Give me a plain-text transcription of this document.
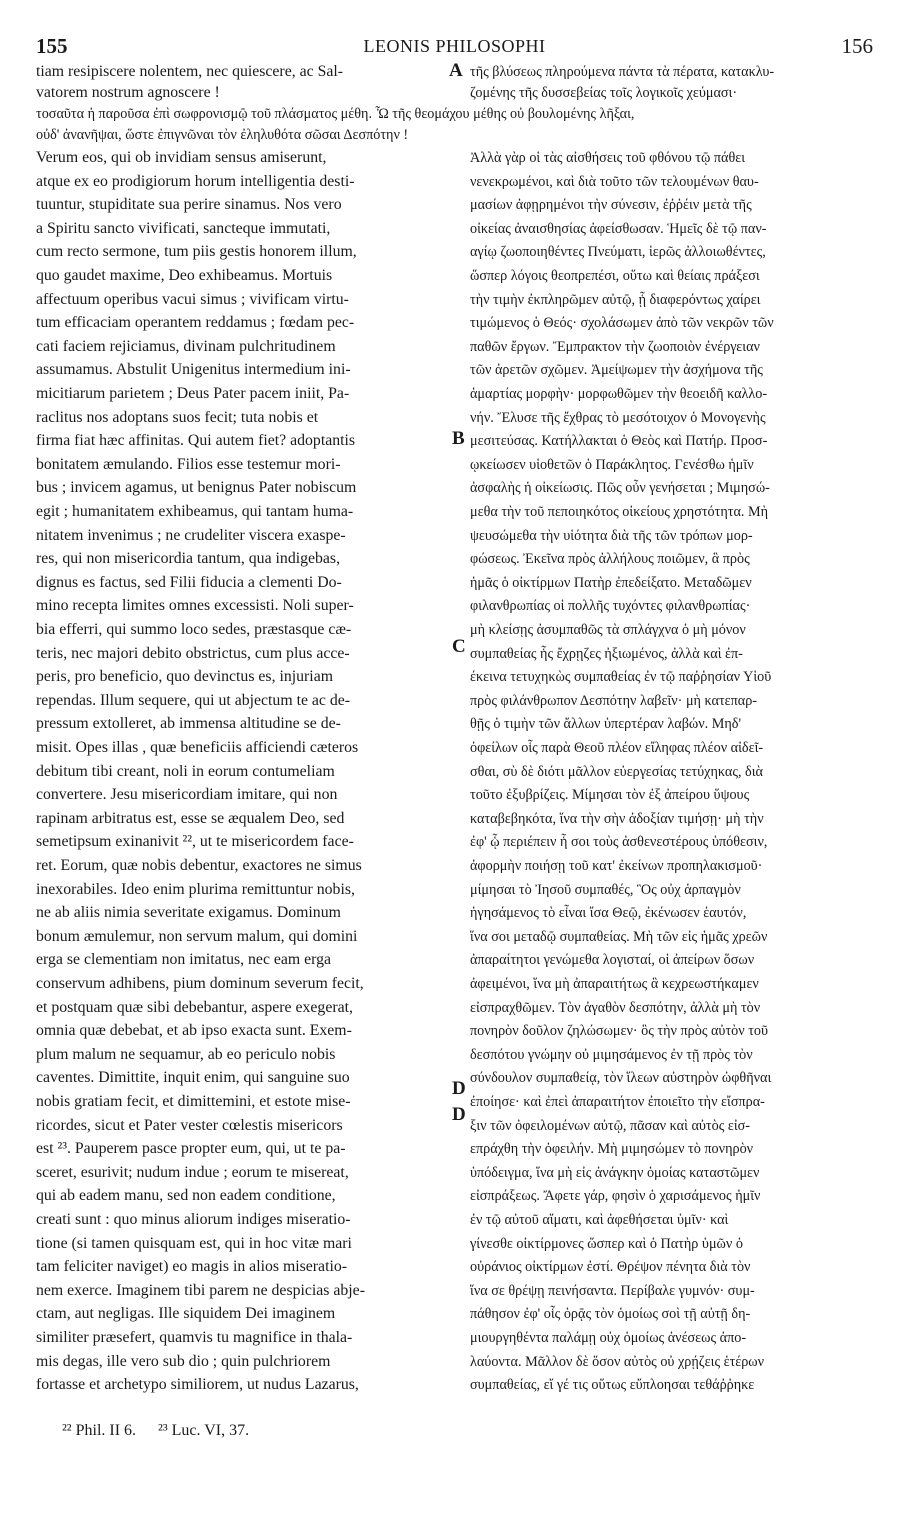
155	LEONIS PHILOSOPHI	156
tiam resipiscere nolentem, nec quiescere, ac Sal-
vatorem nostrum agnoscere !
τῆς βλύσεως πληρούμενα πάντα τὰ πέρατα, κατακλυ-
ζομένης τῆς δυσσεβείας τοῖς λογικοῖς χεύμασι·
τοσαῦτα ἡ παροῦσα ἐπὶ σωφρονισμῷ τοῦ πλάσματος μέθη. Ὦ τῆς θεομάχου μέθης οὐ βουλομένης λῆξαι,
οὐδ' ἀνανῆψαι, ὥστε ἐπιγνῶναι τὸν ἐληλυθότα σῶσαι Δεσπότην !
A
B
C
D
D
Verum eos, qui ob invidiam sensus amiserunt,
atque ex eo prodigiorum horum intelligentia desti-
tuuntur, stupiditate sua perire sinamus. Nos vero
a Spiritu sancto vivificati, sancteque immutati,
cum recto sermone, tum piis gestis honorem illum,
quo gaudet maxime, Deo exhibeamus. Mortuis
affectuum operibus vacui simus ; vivificam virtu-
tum efficaciam operantem reddamus ; fœdam pec-
cati faciem rejiciamus, divinam pulchritudinem
assumamus. Abstulit Unigenitus intermedium ini-
micitiarum parietem ; Deus Pater pacem iniit, Pa-
raclitus nos adoptans suos fecit; tuta nobis et
firma fiat hæc affinitas. Qui autem fiet? adoptantis
bonitatem æmulando. Filios esse testemur mori-
bus ; invicem agamus, ut benignus Pater nobiscum
egit ; humanitatem exhibeamus, qui tantam huma-
nitatem invenimus ; ne crudeliter viscera exaspe-
res, qui non misericordia tantum, qua indigebas,
dignus es factus, sed Filii fiducia a clementi Do-
mino recepta limites omnes excessisti. Noli super-
bia efferri, qui summo loco sedes, præstasque cæ-
teris, nec majori debito obstrictus, cum plus acce-
peris, pro beneficio, quo devinctus es, injuriam
rependas. Illum sequere, qui ut abjectum te ac de-
pressum extolleret, ab immensa altitudine se de-
misit. Opes illas , quæ beneficiis afficiendi cæteros
debitum tibi creant, noli in eorum contumeliam
convertere. Jesu misericordiam imitare, qui non
rapinam arbitratus est, esse se æqualem Deo, sed
semetipsum exinanivit ²², ut te misericordem face-
ret. Eorum, quæ nobis debentur, exactores ne simus
inexorabiles. Ideo enim plurima remittuntur nobis,
ne ab aliis nimia severitate exigamus. Dominum
bonum æmulemur, non servum malum, qui domini
erga se clementiam non imitatus, nec eam erga
conservum adhibens, pium dominum severum fecit,
et postquam quæ sibi debebantur, aspere exegerat,
omnia quæ debebat, et ab ipso exacta sunt. Exem-
plum malum ne sequamur, ab eo periculo nobis
caventes. Dimittite, inquit enim, qui sanguine suo
nobis gratiam fecit, et dimittemini, et estote mise-
ricordes, sicut et Pater vester cœlestis misericors
est ²³. Pauperem pasce propter eum, qui, ut te pa-
sceret, esurivit; nudum indue ; eorum te misereat,
qui ab eadem manu, sed non eadem conditione,
creati sunt : quo minus aliorum indiges miseratio-
tione (si tamen quisquam est, qui in hoc vitæ mari
tam feliciter naviget) eo magis in alios miseratio-
nem exerce. Imaginem tibi parem ne despicias abje-
ctam, aut negligas. Ille siquidem Dei imaginem
similiter præsefert, quamvis tu magnifice in thala-
mis degas, ille vero sub dio ; quin pulchriorem
fortasse et archetypo similiorem, ut nudus Lazarus,
Ἀλλὰ γὰρ οἱ τὰς αἰσθήσεις τοῦ φθόνου τῷ πάθει
νενεκρωμένοι, καὶ διὰ τοῦτο τῶν τελουμένων θαυ-
μασίων ἀφῃρημένοι τὴν σύνεσιν, ἐῤῥέιν μετὰ τῆς
οἰκείας ἀναισθησίας ἀφείσθωσαν. Ἡμεῖς δὲ τῷ παν-
αγίῳ ζωοποιηθέντες Πνεύματι, ἱερῶς ἀλλοιωθέντες,
ὥσπερ λόγοις θεοπρεπέσι, οὕτω καὶ θείαις πράξεσι
τὴν τιμὴν ἐκπληρῶμεν αὐτῷ, ᾗ διαφερόντως χαίρει
τιμώμενος ὁ Θεός· σχολάσωμεν ἀπὸ τῶν νεκρῶν τῶν
παθῶν ἔργων. Ἔμπρακτον τὴν ζωοποιὸν ἐνέργειαν
τῶν ἀρετῶν σχῶμεν. Ἀμείψωμεν τὴν ἀσχήμονα τῆς
ἁμαρτίας μορφὴν· μορφωθῶμεν τὴν θεοειδῆ καλλο-
νήν. Ἔλυσε τῆς ἔχθρας τὸ μεσότοιχον ὁ Μονογενὴς
μεσιτεύσας. Κατήλλακται ὁ Θεὸς καὶ Πατήρ. Προσ-
ῳκείωσεν υἱοθετῶν ὁ Παράκλητος. Γενέσθω ἡμῖν
ἀσφαλὴς ἡ οἰκείωσις. Πῶς οὖν γενήσεται ; Μιμησώ-
μεθα τὴν τοῦ πεποιηκότος οἰκείους χρηστότητα. Μὴ
ψευσώμεθα τὴν υἱότητα διὰ τῆς τῶν τρόπων μορ-
φώσεως. Ἐκεῖνα πρὸς ἀλλήλους ποιῶμεν, ἃ πρὸς
ἡμᾶς ὁ οἰκτίρμων Πατὴρ ἐπεδείξατο. Μεταδῶμεν
φιλανθρωπίας οἱ πολλῆς τυχόντες φιλανθρωπίας·
μὴ κλείσῃς ἀσυμπαθῶς τὰ σπλάγχνα ὁ μὴ μόνον
συμπαθείας ἧς ἔχρῃζες ἠξιωμένος, ἀλλὰ καὶ ἐπ-
έκεινα τετυχηκὼς συμπαθείας ἐν τῷ παῤῥησίαν Υἱοῦ
πρὸς φιλάνθρωπον Δεσπότην λαβεῖν· μὴ κατεπαρ-
θῇς ὁ τιμὴν τῶν ἄλλων ὑπερτέραν λαβών. Μηδ'
ὀφείλων οἷς παρὰ Θεοῦ πλέον εἴληφας πλέον αἰδεῖ-
σθαι, σὺ δὲ διότι μᾶλλον εὐεργεσίας τετύχηκας, διὰ
τοῦτο ἐξυβρίζεις. Μίμησαι τὸν ἐξ ἀπείρου ὕψους
καταβεβηκότα, ἵνα τὴν σὴν ἀδοξίαν τιμήσῃ· μὴ τὴν
ἐφ' ᾧ περιέπειν ἧ σοι τοὺς ἀσθενεστέρους ὑπόθεσιν,
ἀφορμὴν ποιήσῃ τοῦ κατ' ἐκείνων προπηλακισμοῦ·
μίμησαι τὸ Ἰησοῦ συμπαθές, Ὃς οὐχ ἁρπαγμὸν
ἡγησάμενος τὸ εἶναι ἴσα Θεῷ, ἐκένωσεν ἑαυτόν,
ἵνα σοι μεταδῷ συμπαθείας. Μὴ τῶν εἰς ἡμᾶς χρεῶν
ἀπαραίτητοι γενώμεθα λογισταί, οἱ ἀπείρων ὅσων
ἀφειμένοι, ἵνα μὴ ἀπαραιτήτως ἃ κεχρεωστήκαμεν
εἰσπραχθῶμεν. Τὸν ἀγαθὸν δεσπότην, ἀλλὰ μὴ τὸν
πονηρὸν δοῦλον ζηλώσωμεν· ὃς τὴν πρὸς αὐτὸν τοῦ
δεσπότου γνώμην οὐ μιμησάμενος ἐν τῇ πρὸς τὸν
σύνδουλον συμπαθείᾳ, τὸν ἵλεων αὐστηρὸν ὠφθῆναι
ἐποίησε· καὶ ἐπεὶ ἀπαραιτήτον ἐποιεῖτο τὴν εἴσπρα-
ξιν τῶν ὀφειλομένων αὐτῷ, πᾶσαν καὶ αὐτὸς εἰσ-
επράχθη τὴν ὀφειλήν. Μὴ μιμησώμεν τὸ πονηρὸν
ὑπόδειγμα, ἵνα μὴ εἰς ἀνάγκην ὁμοίας καταστῶμεν
εἰσπράξεως. Ἄφετε γάρ, φησὶν ὁ χαρισάμενος ἡμῖν
ἐν τῷ αὐτοῦ αἵματι, καὶ ἀφεθήσεται ὑμῖν· καὶ
γίνεσθε οἰκτίρμονες ὥσπερ καὶ ὁ Πατὴρ ὑμῶν ὁ
οὐράνιος οἰκτίρμων ἐστί. Θρέψον πένητα διὰ τὸν
ἵνα σε θρέψῃ πεινήσαντα. Περίβαλε γυμνόν· συμ-
πάθησον ἐφ' οἷς ὁρᾷς τὸν ὁμοίως σοὶ τῇ αὐτῇ δη-
μιουργηθέντα παλάμῃ οὐχ ὁμοίως ἀνέσεως ἀπο-
λαύοντα. Μᾶλλον δὲ ὅσον αὐτὸς οὐ χρῄζεις ἑτέρων
συμπαθείας, εἴ γέ τις οὕτως εὔπλοησαι τεθάῤῥηκε
²² Phil. II 6. ²³ Luc. VI, 37.
